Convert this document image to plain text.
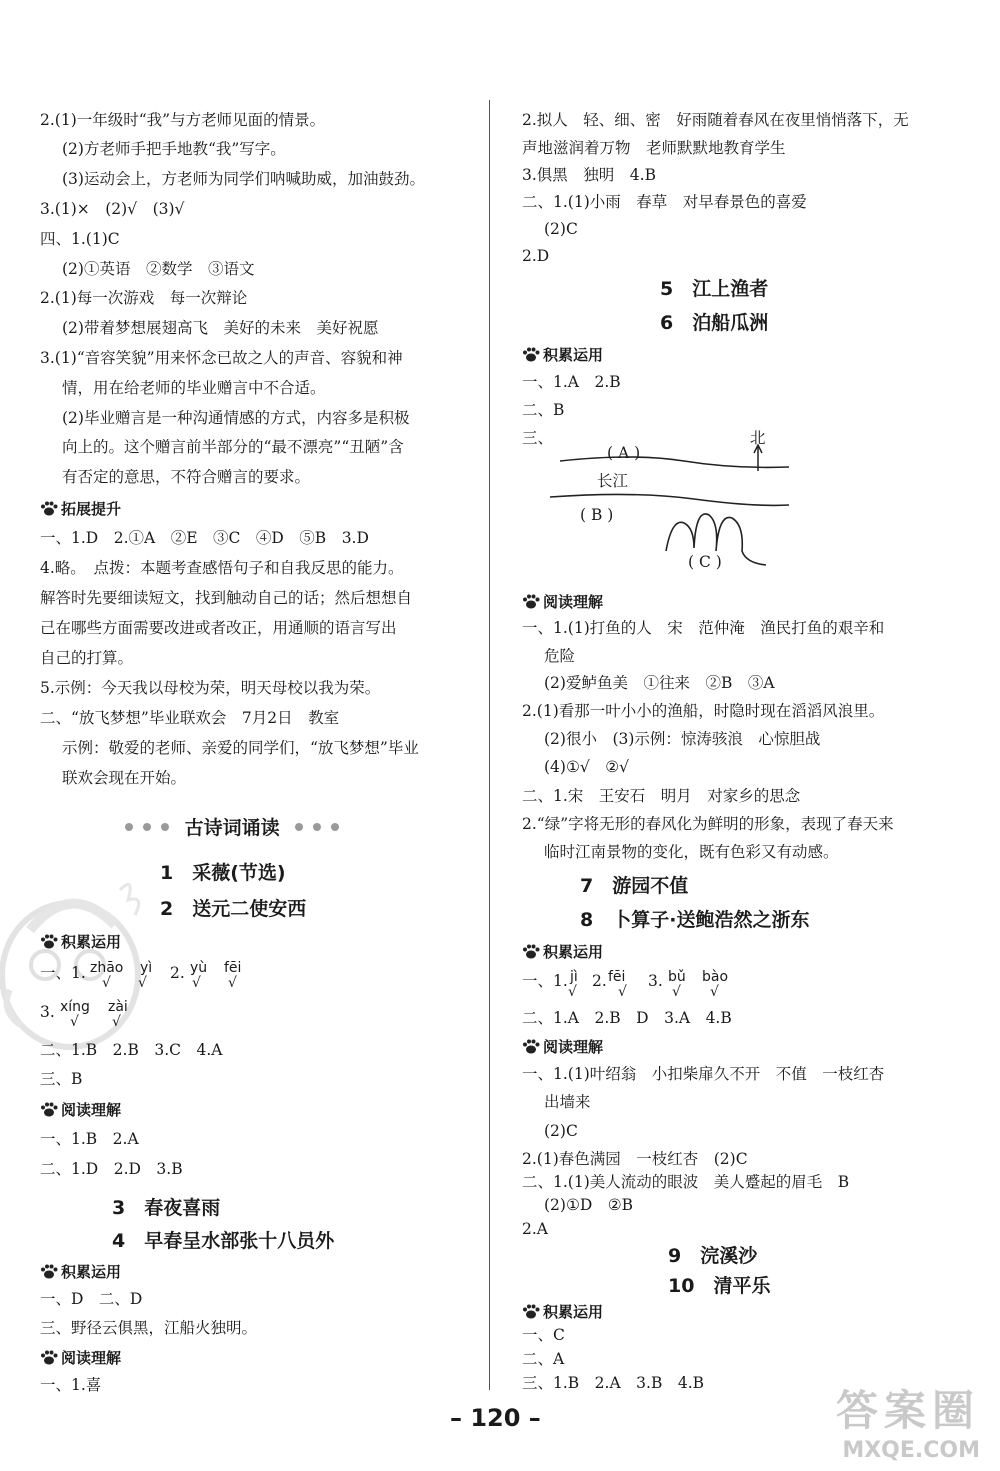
2.(1)一年级时“我”与方老师见面的情景。
(2)方老师手把手地教“我”写字。
(3)运动会上，方老师为同学们呐喊助威，加油鼓劲。
3.(1)×　(2)√　(3)√
四、1.(1)C
(2)①英语　②数学　③语文
2.(1)每一次游戏　每一次辩论
(2)带着梦想展翅高飞　美好的未来　美好祝愿
3.(1)“音容笑貌”用来怀念已故之人的声音、容貌和神
情，用在给老师的毕业赠言中不合适。
(2)毕业赠言是一种沟通情感的方式，内容多是积极
向上的。这个赠言前半部分的“最不漂亮”“丑陋”含
有否定的意思，不符合赠言的要求。
拓展提升
一、1.D　2.①A　②E　③C　④D　⑤B　3.D
4.略。　点拨：本题考查感悟句子和自我反思的能力。
解答时先要细读短文，找到触动自己的话；然后想想自
己在哪些方面需要改进或者改正，用通顺的语言写出
自己的打算。
5.示例：今天我以母校为荣，明天母校以我为荣。
二、“放飞梦想”毕业联欢会　7月2日　教室
示例：敬爱的老师、亲爱的同学们，“放飞梦想”毕业
联欢会现在开始。
古诗词诵读
1　采薇(节选)
2　送元二使安西
积累运用
一、1. zhāo
√
yì
√
2. yù
√
fēi
√
3. xíng
√
zài
√
二、1.B　2.B　3.C　4.A
三、B
阅读理解
一、1.B　2.A
二、1.D　2.D　3.B
3　春夜喜雨
4　早春呈水部张十八员外
积累运用
一、D　二、D
三、野径云俱黑，江船火独明。
阅读理解
一、1.喜
2.拟人　轻、细、密　好雨随着春风在夜里悄悄落下，无
声地滋润着万物　老师默默地教育学生
3.俱黑　独明　4.B
二、1.(1)小雨　春草　对早春景色的喜爱
(2)C
2.D
5　江上渔者
6　泊船瓜洲
积累运用
一、1.A　2.B
二、B
三、
( A )
长江
( B )
( C )
北
阅读理解
一、1.(1)打鱼的人　宋　范仲淹　渔民打鱼的艰辛和
危险
(2)爱鲈鱼美　①往来　②B　③A
2.(1)看那一叶小小的渔船，时隐时现在滔滔风浪里。
(2)很小　(3)示例：惊涛骇浪　心惊胆战
(4)①√　②√
二、1.宋　王安石　明月　对家乡的思念
2.“绿”字将无形的春风化为鲜明的形象，表现了春天来
临时江南景物的变化，既有色彩又有动感。
7　游园不值
8　卜算子·送鲍浩然之浙东
积累运用
一、1. jì
√
2. fēi
√
3. bǔ
√
bào
√
二、1.A　2.B　D　3.A　4.B
阅读理解
一、1.(1)叶绍翁　小扣柴扉久不开　不值　一枝红杏
出墙来
(2)C
2.(1)春色满园　一枝红杏　(2)C
二、1.(1)美人流动的眼波　美人蹙起的眉毛　B
(2)①D　②B
2.A
9　浣溪沙
10　清平乐
积累运用
一、C
二、A
三、1.B　2.A　3.B　4.B
– 120 –	答案圈
MXQE.COM
